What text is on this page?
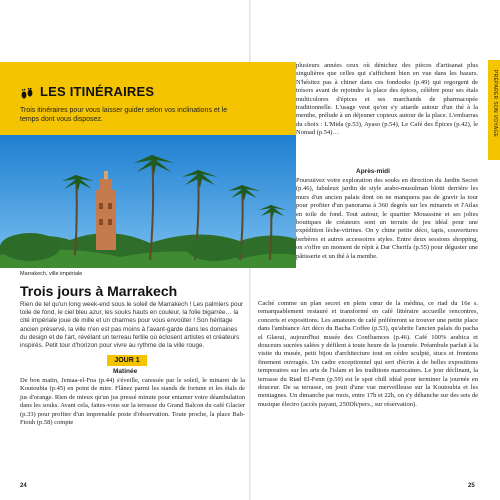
LES ITINÉRAIRES
Trois itinéraires pour vous laisser guider selon vos inclinations et le temps dont vous disposez.
Marrakech, ville impériale
Trois jours à Marrakech
Rien de tel qu'un long week-end sous le soleil de Marrakech ! Les palmiers pour toile de fond, le ciel bleu azur, les souks hauts en couleur, la folie bigarrée… la cité impériale joue de mille et un charmes pour vous envoûter ! Son héritage ancien préservé, la ville n'en est pas moins à l'avant-garde dans les domaines du design et de l'art, révélant un terreau fertile où éclosent artistes et créateurs inspirés. Petit tour d'horizon pour vivre au rythme de la ville rouge.
JOUR 1
Matinée
De bon matin, Jemaa-el-Fna (p.44) s'éveille, caressée par le soleil, le minaret de la Koutoubia (p.45) en point de mire. Flânez parmi les stands de fortune et les étals de jus d'orange. Rien de mieux qu'un jus pressé minute pour entamer votre déambulation dans les souks. Avant cela, faites-vous sur la terrasse du Grand Balcon du café Glacier (p.33) pour profiter d'un imprenable poste d'observation. Toute proche, la place Bab-Ftouh (p.58) compte
24
plusieurs années ceux où dénichez des pièces d'artisanat plus singulières que celles qui s'affichent bien en vue dans les bazars. N'hésitez pas à chiner dans ces fondouks (p.49) qui regorgent de trésors avant de rejoindre la place des épices, célèbre pour ses étals multicolores d'épices et ses marchands de pharmacopée traditionnelle. L'usage veut qu'on s'y attarde autour d'un thé à la menthe, prélude à un déjeuner copieux autour de la place. L'embarras du choix : L'Mida (p.53), Ayaso (p.54), Le Café des Épices (p.42), le Nomad (p.54)…
Après-midi
Poursuivez votre exploration des souks en direction du Jardin Secret (p.46), fabuleux jardin de style arabo-musulman blotti derrière les murs d'un ancien palais dont on ne manquera pas de gravir la tour pour profiter d'un panorama à 360 degrés sur les minarets et l'Atlas en toile de fond. Tout autour, le quartier Mouassine et ses jolies boutiques de créateurs sont un terrain de jeu idéal pour une expédition lèche-vitrines. On y chine petite déco, tapis, couvertures berbères et autres accessoires styles. Entre deux sessions shopping, on s'offre un moment de répit à Dar Cherifa (p.55) pour déguster une pâtisserie et un thé à la menthe.
Caché comme un plan secret en plein cœur de la médina, ce riad du 16e s. remarquablement restauré et transformé en café littéraire accueille rencontres, concerts et expositions. Les amateurs de café préféreront se trouver une petite place dans l'ambiance Art déco du Bacha Coffee (p.53), qu'abrite l'ancien palais du pacha el Glaoui, aujourd'hui musée des Confluences (p.46). Café 100% arabica et douceurs sucrées salées y défilent à toute heure de la journée. Préambule parfait à la visite du musée, petit bijou d'architecture tout en cèdre sculpté, stucs et frontons finement ouvragés. Un cadre exceptionnel qui sert d'écrin à de belles expositions temporaires sur les arts de l'islam et les traditions marocaines. Le jour déclinant, la terrasse du Riad El-Fenn (p.59) est le spot chill idéal pour terminer la journée en douceur. De sa terrasse, on jouit d'une vue merveilleuse sur la Koutoubia et les montagnes. Un dimanche par mois, entre 17h et 22h, on s'y déhanche sur des sets de musique électro (accès payant, 250Dh/pers., sur réservation).
25
PRÉPARER SON VOYAGE
